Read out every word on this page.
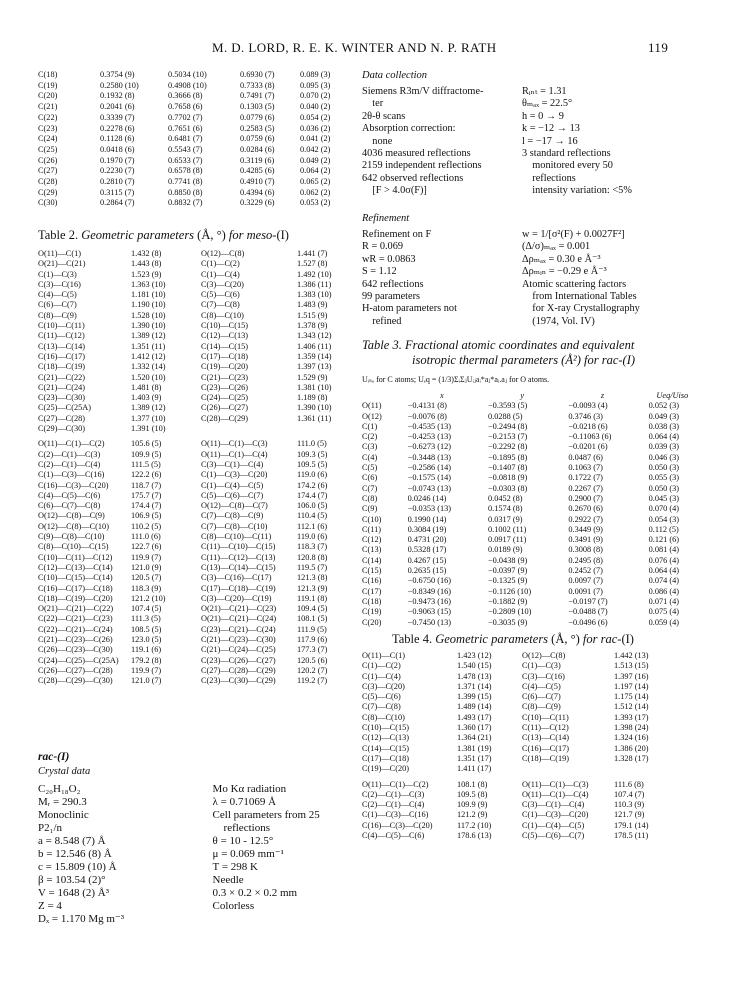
M. D. LORD, R. E. K. WINTER AND N. P. RATH	119
C(18)	0.3754 (9)	0.5034 (10)	0.6930 (7)	0.089 (3)
C(19)	0.2580 (10)	0.4908 (10)	0.7333 (8)	0.095 (3)
C(20)	0.1932 (8)	0.3666 (8)	0.7491 (7)	0.070 (2)
C(21)	0.2041 (6)	0.7658 (6)	0.1303 (5)	0.040 (2)
C(22)	0.3339 (7)	0.7702 (7)	0.0779 (6)	0.054 (2)
C(23)	0.2278 (6)	0.7651 (6)	0.2583 (5)	0.036 (2)
C(24)	0.1128 (6)	0.6481 (7)	0.0759 (6)	0.041 (2)
C(25)	0.0418 (6)	0.5543 (7)	0.0284 (6)	0.042 (2)
C(26)	0.1970 (7)	0.6533 (7)	0.3119 (6)	0.049 (2)
C(27)	0.2230 (7)	0.6578 (8)	0.4285 (6)	0.064 (2)
C(28)	0.2810 (7)	0.7741 (8)	0.4910 (7)	0.065 (2)
C(29)	0.3115 (7)	0.8850 (8)	0.4394 (6)	0.062 (2)
C(30)	0.2864 (7)	0.8832 (7)	0.3229 (6)	0.053 (2)
Table 2. Geometric parameters (Å, °) for meso-(I)
O(11)—C(1)	1.432 (8)	O(12)—C(8)	1.441 (7)
O(21)—C(21)	1.443 (8)	C(1)—C(2)	1.527 (8)
C(1)—C(3)	1.523 (9)	C(1)—C(4)	1.492 (10)
C(3)—C(16)	1.363 (10)	C(3)—C(20)	1.386 (11)
C(4)—C(5)	1.181 (10)	C(5)—C(6)	1.383 (10)
C(6)—C(7)	1.190 (10)	C(7)—C(8)	1.483 (9)
C(8)—C(9)	1.528 (10)	C(8)—C(10)	1.515 (9)
C(10)—C(11)	1.390 (10)	C(10)—C(15)	1.378 (9)
C(11)—C(12)	1.389 (12)	C(12)—C(13)	1.343 (12)
C(13)—C(14)	1.351 (11)	C(14)—C(15)	1.406 (11)
C(16)—C(17)	1.412 (12)	C(17)—C(18)	1.359 (14)
C(18)—C(19)	1.332 (14)	C(19)—C(20)	1.397 (13)
C(21)—C(22)	1.520 (10)	C(21)—C(23)	1.529 (9)
C(21)—C(24)	1.481 (8)	C(23)—C(26)	1.381 (10)
C(23)—C(30)	1.403 (9)	C(24)—C(25)	1.189 (8)
C(25)—C(25A)	1.389 (12)	C(26)—C(27)	1.390 (10)
C(27)—C(28)	1.377 (10)	C(28)—C(29)	1.361 (11)
C(29)—C(30)	1.391 (10)		
O(11)—C(1)—C(2)	105.6 (5)	O(11)—C(1)—C(3)	111.0 (5)
C(2)—C(1)—C(3)	109.9 (5)	O(11)—C(1)—C(4)	109.3 (5)
C(2)—C(1)—C(4)	111.5 (5)	C(3)—C(1)—C(4)	109.5 (5)
C(1)—C(3)—C(16)	122.2 (6)	C(1)—C(3)—C(20)	119.0 (6)
C(16)—C(3)—C(20)	118.7 (7)	C(1)—C(4)—C(5)	174.2 (6)
C(4)—C(5)—C(6)	175.7 (7)	C(5)—C(6)—C(7)	174.4 (7)
C(6)—C(7)—C(8)	174.4 (7)	O(12)—C(8)—C(7)	106.0 (5)
O(12)—C(8)—C(9)	106.9 (5)	C(7)—C(8)—C(9)	110.4 (5)
O(12)—C(8)—C(10)	110.2 (5)	C(7)—C(8)—C(10)	112.1 (6)
C(9)—C(8)—C(10)	111.0 (6)	C(8)—C(10)—C(11)	119.0 (6)
C(8)—C(10)—C(15)	122.7 (6)	C(11)—C(10)—C(15)	118.3 (7)
C(10)—C(11)—C(12)	119.9 (7)	C(11)—C(12)—C(13)	120.8 (8)
C(12)—C(13)—C(14)	121.0 (9)	C(13)—C(14)—C(15)	119.5 (7)
C(10)—C(15)—C(14)	120.5 (7)	C(3)—C(16)—C(17)	121.3 (8)
C(16)—C(17)—C(18)	118.3 (9)	C(17)—C(18)—C(19)	121.3 (9)
C(18)—C(19)—C(20)	121.2 (10)	C(3)—C(20)—C(19)	119.1 (8)
O(21)—C(21)—C(22)	107.4 (5)	O(21)—C(21)—C(23)	109.4 (5)
C(22)—C(21)—C(23)	111.3 (5)	O(21)—C(21)—C(24)	108.1 (5)
C(22)—C(21)—C(24)	108.5 (5)	C(23)—C(21)—C(24)	111.9 (5)
C(21)—C(23)—C(26)	123.0 (5)	C(21)—C(23)—C(30)	117.9 (6)
C(26)—C(23)—C(30)	119.1 (6)	C(21)—C(24)—C(25)	177.3 (7)
C(24)—C(25)—C(25A)	179.2 (8)	C(23)—C(26)—C(27)	120.5 (6)
C(26)—C(27)—C(28)	119.9 (7)	C(27)—C(28)—C(29)	120.2 (7)
C(28)—C(29)—C(30)	121.0 (7)	C(23)—C(30)—C(29)	119.2 (7)
rac-(I)
Crystal data
C₂₀H₁₈O₂
Mᵣ = 290.3
Monoclinic
P2₁/n
a = 8.548 (7) Å
b = 12.546 (8) Å
c = 15.809 (10) Å
β = 103.54 (2)°
V = 1648 (2) Å³
Z = 4
Dₓ = 1.170 Mg m⁻³
Mo Kα radiation
λ = 0.71069 Å
Cell parameters from 25
reflections
θ = 10 - 12.5°
μ = 0.069 mm⁻¹
T = 298 K
Needle
0.3 × 0.2 × 0.2 mm
Colorless
Data collection
Siemens R3m/V diffractome-
ter
2θ-θ scans
Absorption correction:
none
4036 measured reflections
2159 independent reflections
642 observed reflections
[F > 4.0σ(F)]
Rᵢₙₜ = 1.31
θₘₐₓ = 22.5°
h = 0 → 9
k = −12 → 13
l = −17 → 16
3 standard reflections
monitored every 50
reflections
intensity variation: <5%
Refinement
Refinement on F
R = 0.069
wR = 0.0863
S = 1.12
642 reflections
99 parameters
H-atom parameters not
refined
w = 1/[σ²(F) + 0.0027F²]
(Δ/σ)ₘₐₓ = 0.001
Δρₘₐₓ = 0.30 e Å⁻³
Δρₘᵢₙ = −0.29 e Å⁻³
Atomic scattering factors
from International Tables
for X-ray Crystallography
(1974, Vol. IV)
Table 3. Fractional atomic coordinates and equivalent
isotropic thermal parameters (Å²) for rac-(I)
Uᵢₛₒ for C atoms; Uₑq = (1/3)ΣᵢΣⱼUᵢⱼaᵢ*aⱼ*aᵢ.aⱼ for O atoms.
	x	y	z	Ueq/Uiso
O(11)	−0.4131 (8)	−0.3593 (5)	−0.0093 (4)	0.052 (3)
O(12)	−0.0076 (8)	0.0288 (5)	0.3746 (3)	0.049 (3)
C(1)	−0.4535 (13)	−0.2494 (8)	−0.0218 (6)	0.038 (3)
C(2)	−0.4253 (13)	−0.2153 (7)	−0.11063 (6)	0.064 (4)
C(3)	−0.6273 (12)	−0.2292 (8)	−0.0201 (6)	0.039 (3)
C(4)	−0.3448 (13)	−0.1895 (8)	0.0487 (6)	0.046 (3)
C(5)	−0.2586 (14)	−0.1407 (8)	0.1063 (7)	0.050 (3)
C(6)	−0.1575 (14)	−0.0818 (9)	0.1722 (7)	0.055 (3)
C(7)	−0.0743 (13)	−0.0303 (8)	0.2267 (7)	0.050 (3)
C(8)	0.0246 (14)	0.0452 (8)	0.2900 (7)	0.045 (3)
C(9)	−0.0353 (13)	0.1574 (8)	0.2670 (6)	0.070 (4)
C(10)	0.1990 (14)	0.0317 (9)	0.2922 (7)	0.054 (3)
C(11)	0.3084 (19)	0.1002 (11)	0.3449 (9)	0.112 (5)
C(12)	0.4731 (20)	0.0917 (11)	0.3491 (9)	0.121 (6)
C(13)	0.5328 (17)	0.0189 (9)	0.3008 (8)	0.081 (4)
C(14)	0.4267 (15)	−0.0438 (9)	0.2495 (8)	0.076 (4)
C(15)	0.2635 (15)	−0.0397 (9)	0.2452 (7)	0.064 (4)
C(16)	−0.6750 (16)	−0.1325 (9)	0.0097 (7)	0.074 (4)
C(17)	−0.8349 (16)	−0.1126 (10)	0.0091 (7)	0.086 (4)
C(18)	−0.9473 (16)	−0.1882 (9)	−0.0197 (7)	0.071 (4)
C(19)	−0.9063 (15)	−0.2809 (10)	−0.0488 (7)	0.075 (4)
C(20)	−0.7450 (13)	−0.3035 (9)	−0.0496 (6)	0.059 (4)
Table 4. Geometric parameters (Å, °) for rac-(I)
O(11)—C(1)	1.423 (12)	O(12)—C(8)	1.442 (13)
C(1)—C(2)	1.540 (15)	C(1)—C(3)	1.513 (15)
C(1)—C(4)	1.478 (13)	C(3)—C(16)	1.397 (16)
C(3)—C(20)	1.371 (14)	C(4)—C(5)	1.197 (14)
C(5)—C(6)	1.399 (15)	C(6)—C(7)	1.175 (14)
C(7)—C(8)	1.489 (14)	C(8)—C(9)	1.512 (14)
C(8)—C(10)	1.493 (17)	C(10)—C(11)	1.393 (17)
C(10)—C(15)	1.360 (17)	C(11)—C(12)	1.398 (24)
C(12)—C(13)	1.364 (21)	C(13)—C(14)	1.324 (16)
C(14)—C(15)	1.381 (19)	C(16)—C(17)	1.386 (20)
C(17)—C(18)	1.351 (17)	C(18)—C(19)	1.328 (17)
C(19)—C(20)	1.411 (17)		
O(11)—C(1)—C(2)	108.1 (8)	O(11)—C(1)—C(3)	111.6 (8)
C(2)—C(1)—C(3)	109.5 (8)	O(11)—C(1)—C(4)	107.4 (7)
C(2)—C(1)—C(4)	109.9 (9)	C(3)—C(1)—C(4)	110.3 (9)
C(1)—C(3)—C(16)	121.2 (9)	C(1)—C(3)—C(20)	121.7 (9)
C(16)—C(3)—C(20)	117.2 (10)	C(1)—C(4)—C(5)	179.1 (14)
C(4)—C(5)—C(6)	178.6 (13)	C(5)—C(6)—C(7)	178.5 (11)
